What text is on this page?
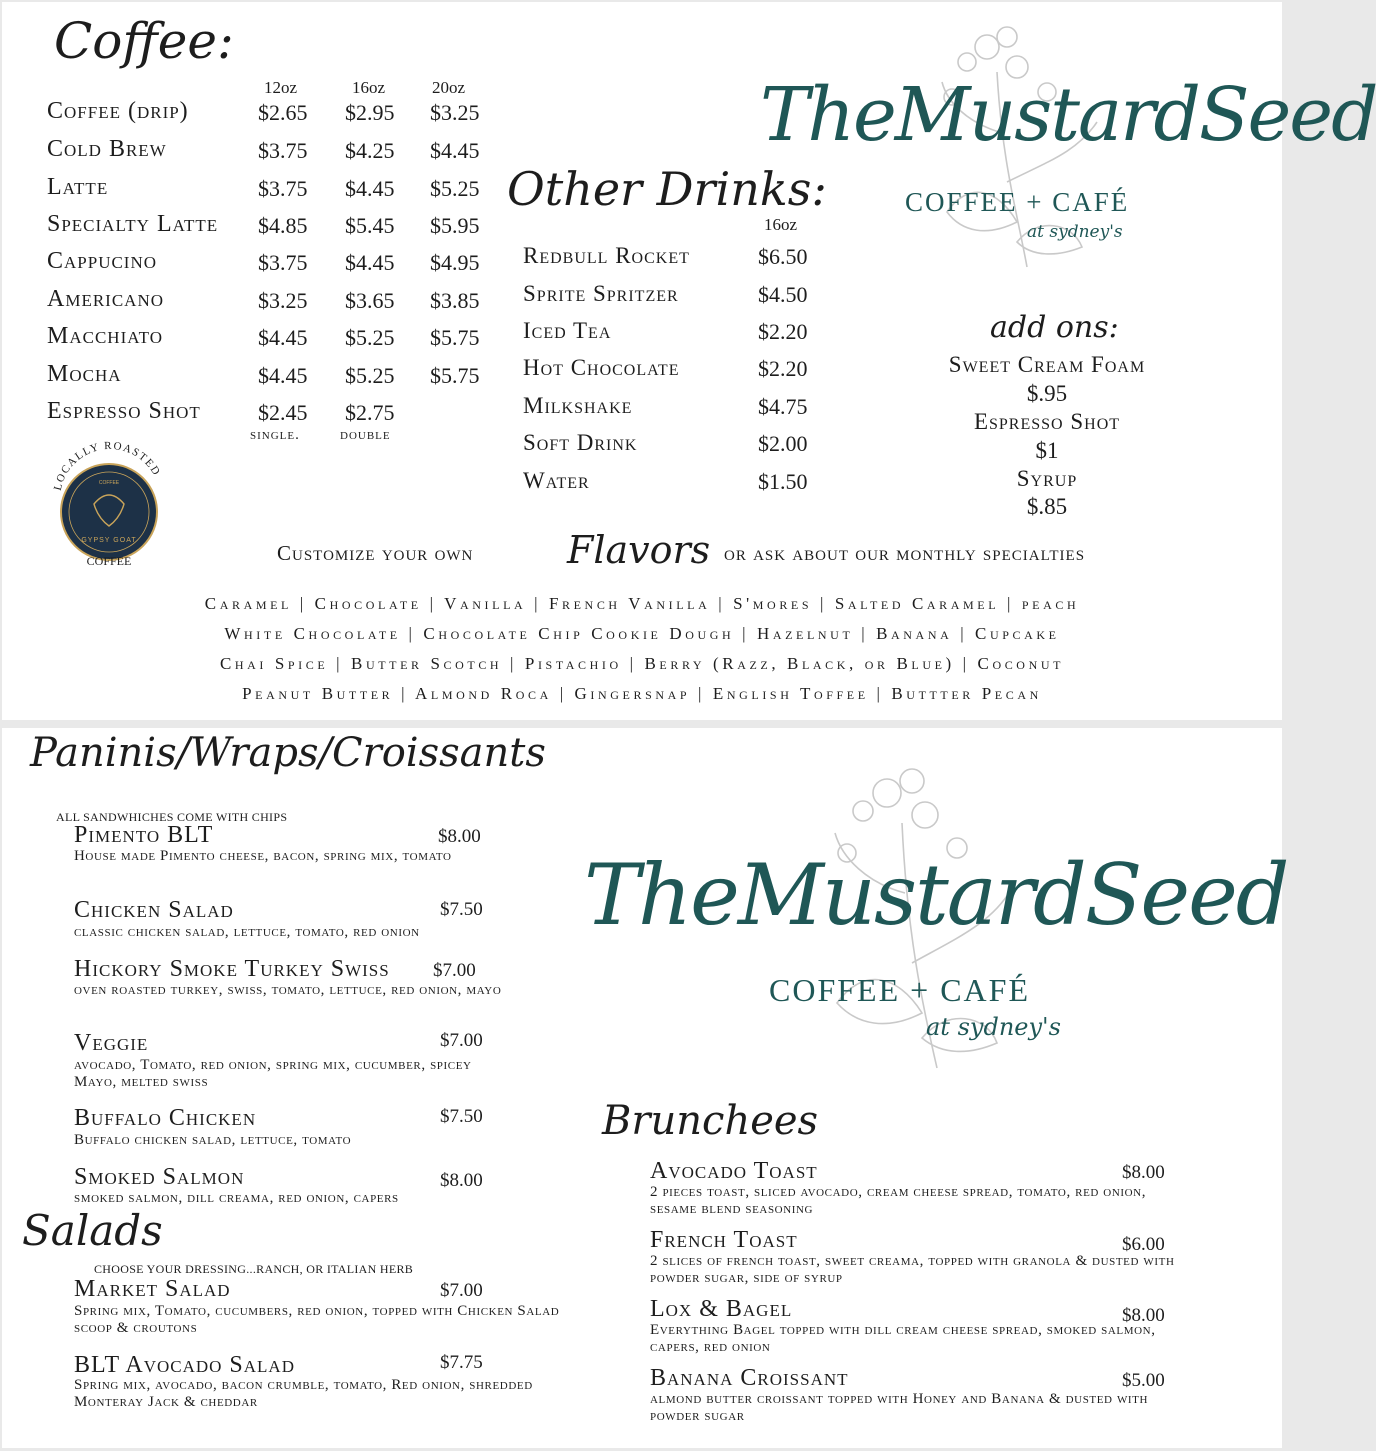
Coffee:
12oz	16oz	20oz
Coffee (drip)	$2.65 $2.95 $3.25
Cold Brew	$3.75 $4.25 $4.45
Latte	$3.75 $4.45 $5.25
Specialty Latte $4.85 $5.45 $5.95
Cappucino	$3.75 $4.45 $4.95
Americano	$3.25 $3.65 $3.85
Macchiato	$4.45 $5.25 $5.75
Mocha	$4.45 $5.25 $5.75
Espresso Shot	$2.45 $2.75
single.	double
LOCALLY ROASTED
COFFEE
GYPSY GOAT
COFFEE
Other Drinks:
16oz
Redbull Rocket	$6.50
Sprite Spritzer	$4.50
Iced Tea	$2.20
Hot Chocolate	$2.20
Milkshake	$4.75
Soft Drink	$2.00
Water	$1.50
TheMustardSeed
COFFEE + CAFÉ
at sydney's
add ons:
Sweet Cream Foam
$.95
Espresso Shot
$1
Syrup
$.85
Customize your own Flavors or ask about our monthly specialties
Caramel | Chocolate | Vanilla | French Vanilla | S'mores | Salted Caramel | peach
White Chocolate | Chocolate Chip Cookie Dough | Hazelnut | Banana | Cupcake
Chai Spice | Butter Scotch | Pistachio | Berry (Razz, Black, or Blue) | Coconut
Peanut Butter | Almond Roca | Gingersnap | English Toffee | Buttter Pecan
Paninis/Wraps/Croissants
ALL SANDWHICHES COME WITH CHIPS
Pimento BLT	$8.00
House made Pimento cheese, bacon, spring mix, tomato
Chicken Salad	$7.50
classic chicken salad, lettuce, tomato, red onion
Hickory Smoke Turkey Swiss $7.00
oven roasted turkey, swiss, tomato, lettuce, red onion, mayo
Veggie	$7.00
avocado, Tomato, red onion, spring mix, cucumber, spicey Mayo, melted swiss
Buffalo Chicken	$7.50
Buffalo chicken salad, lettuce, tomato
Smoked Salmon	$8.00
smoked salmon, dill creama, red onion, capers
Salads
CHOOSE YOUR DRESSING...RANCH, OR ITALIAN HERB
Market Salad	$7.00
Spring mix, Tomato, cucumbers, red onion, topped with Chicken Salad scoop & croutons
BLT Avocado Salad	$7.75
Spring mix, avocado, bacon crumble, tomato, Red onion, shredded Monteray Jack & cheddar
TheMustardSeed
COFFEE + CAFÉ
at sydney's
Brunchees
Avocado Toast	$8.00
2 pieces toast, sliced avocado, cream cheese spread, tomato, red onion, sesame blend seasoning
French Toast	$6.00
2 slices of french toast, sweet creama, topped with granola & dusted with powder sugar, side of syrup
Lox & Bagel	$8.00
Everything Bagel topped with dill cream cheese spread, smoked salmon, capers, red onion
Banana Croissant	$5.00
almond butter croissant topped with Honey and Banana & dusted with powder sugar
